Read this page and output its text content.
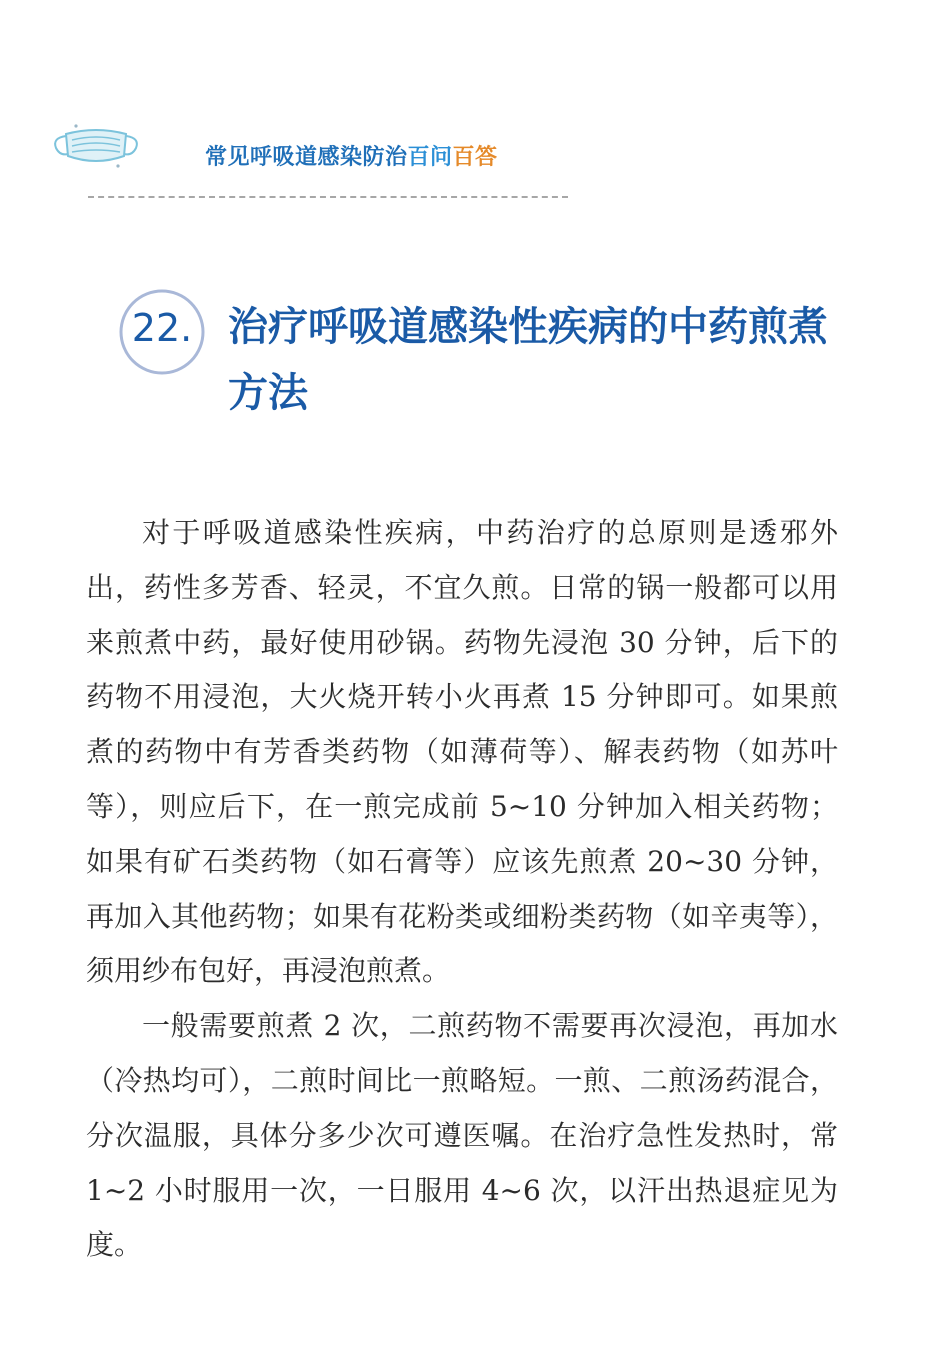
常见呼吸道感染防治百问百答
22. 治疗呼吸道感染性疾病的中药煎煮方法

对于呼吸道感染性疾病，中药治疗的总原则是透邪外出，药性多芳香、轻灵，不宜久煎。日常的锅一般都可以用来煎煮中药，最好使用砂锅。药物先浸泡 30 分钟，后下的药物不用浸泡，大火烧开转小火再煮 15 分钟即可。如果煎煮的药物中有芳香类药物（如薄荷等）、解表药物（如苏叶等），则应后下，在一煎完成前 5~10 分钟加入相关药物；如果有矿石类药物（如石膏等）应该先煎煮 20~30 分钟，再加入其他药物；如果有花粉类或细粉类药物（如辛夷等），须用纱布包好，再浸泡煎煮。

一般需要煎煮 2 次，二煎药物不需要再次浸泡，再加水（冷热均可），二煎时间比一煎略短。一煎、二煎汤药混合，分次温服，具体分多少次可遵医嘱。在治疗急性发热时，常 1~2 小时服用一次，一日服用 4~6 次，以汗出热退症见为度。
